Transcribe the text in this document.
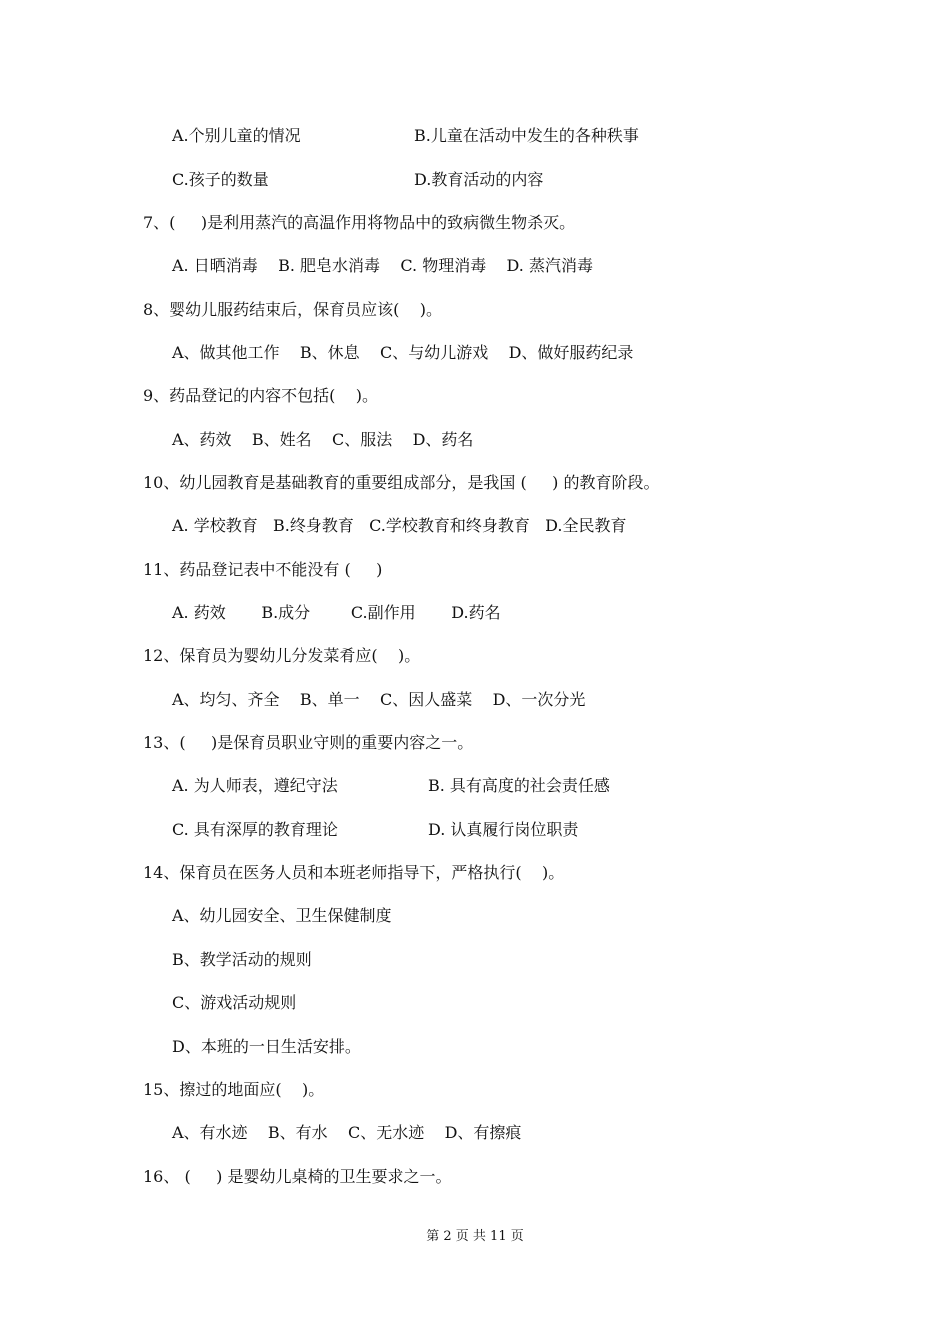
A.个别儿童的情况	B.儿童在活动中发生的各种秩事
C.孩子的数量	D.教育活动的内容
7、(     )是利用蒸汽的高温作用将物品中的致病微生物杀灭。
A. 日晒消毒    B. 肥皂水消毒    C. 物理消毒    D. 蒸汽消毒
8、婴幼儿服药结束后，保育员应该(    )。
A、做其他工作    B、休息    C、与幼儿游戏    D、做好服药纪录
9、药品登记的内容不包括(    )。
A、药效    B、姓名    C、服法    D、药名
10、幼儿园教育是基础教育的重要组成部分，是我国 (     ) 的教育阶段。
A. 学校教育   B.终身教育   C.学校教育和终身教育   D.全民教育
11、药品登记表中不能没有 (     )
A. 药效       B.成分        C.副作用       D.药名
12、保育员为婴幼儿分发菜肴应(    )。
A、均匀、齐全    B、单一    C、因人盛菜    D、一次分光
13、(     )是保育员职业守则的重要内容之一。
A. 为人师表，遵纪守法	B. 具有高度的社会责任感
C. 具有深厚的教育理论	D. 认真履行岗位职责
14、保育员在医务人员和本班老师指导下，严格执行(    )。
A、幼儿园安全、卫生保健制度
B、教学活动的规则
C、游戏活动规则
D、本班的一日生活安排。
15、擦过的地面应(    )。
A、有水迹    B、有水    C、无水迹    D、有擦痕
16、 (     ) 是婴幼儿桌椅的卫生要求之一。
第 2 页 共 11 页
